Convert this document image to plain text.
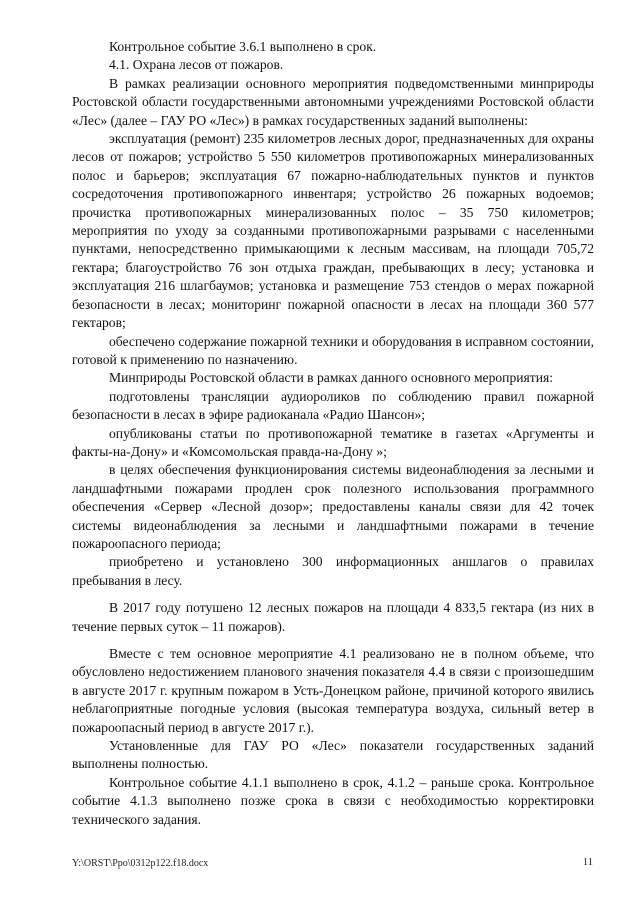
Контрольное событие 3.6.1 выполнено в срок.

4.1. Охрана лесов от пожаров.

В рамках реализации основного мероприятия подведомственными минприроды Ростовской области государственными автономными учреждениями Ростовской области «Лес» (далее – ГАУ РО «Лес») в рамках государственных заданий выполнены:

эксплуатация (ремонт) 235 километров лесных дорог, предназначенных для охраны лесов от пожаров; устройство 5 550 километров противопожарных минерализованных полос и барьеров; эксплуатация 67 пожарно-наблюдательных пунктов и пунктов сосредоточения противопожарного инвентаря; устройство 26 пожарных водоемов; прочистка противопожарных минерализованных полос – 35 750 километров; мероприятия по уходу за созданными противопожарными разрывами с населенными пунктами, непосредственно примыкающими к лесным массивам, на площади 705,72 гектара; благоустройство 76 зон отдыха граждан, пребывающих в лесу; установка и эксплуатация 216 шлагбаумов; установка и размещение 753 стендов о мерах пожарной безопасности в лесах; мониторинг пожарной опасности в лесах на площади 360 577 гектаров;

обеспечено содержание пожарной техники и оборудования в исправном состоянии, готовой к применению по назначению.

Минприроды Ростовской области в рамках данного основного мероприятия:

подготовлены трансляции аудиороликов по соблюдению правил пожарной безопасности в лесах в эфире радиоканала «Радио Шансон»;

опубликованы статьи по противопожарной тематике в газетах «Аргументы и факты-на-Дону» и «Комсомольская правда-на-Дону »;

в целях обеспечения функционирования системы видеонаблюдения за лесными и ландшафтными пожарами продлен срок полезного использования программного обеспечения «Сервер «Лесной дозор»; предоставлены каналы связи для 42 точек системы видеонаблюдения за лесными и ландшафтными пожарами в течение пожароопасного периода;

приобретено и установлено 300 информационных аншлагов о правилах пребывания в лесу.

В 2017 году потушено 12 лесных пожаров на площади 4 833,5 гектара (из них в течение первых суток – 11 пожаров).

Вместе с тем основное мероприятие 4.1 реализовано не в полном объеме, что обусловлено недостижением планового значения показателя 4.4 в связи с произошедшим в августе 2017 г. крупным пожаром в Усть-Донецком районе, причиной которого явились неблагоприятные погодные условия (высокая температура воздуха, сильный ветер в пожароопасный период в августе 2017 г.).

Установленные для ГАУ РО «Лес» показатели государственных заданий выполнены полностью.

Контрольное событие 4.1.1 выполнено в срок, 4.1.2 – раньше срока. Контрольное событие 4.1.3 выполнено позже срока в связи с необходимостью корректировки технического задания.

Y:\ORST\Ppo\0312p122.f18.docx	11
